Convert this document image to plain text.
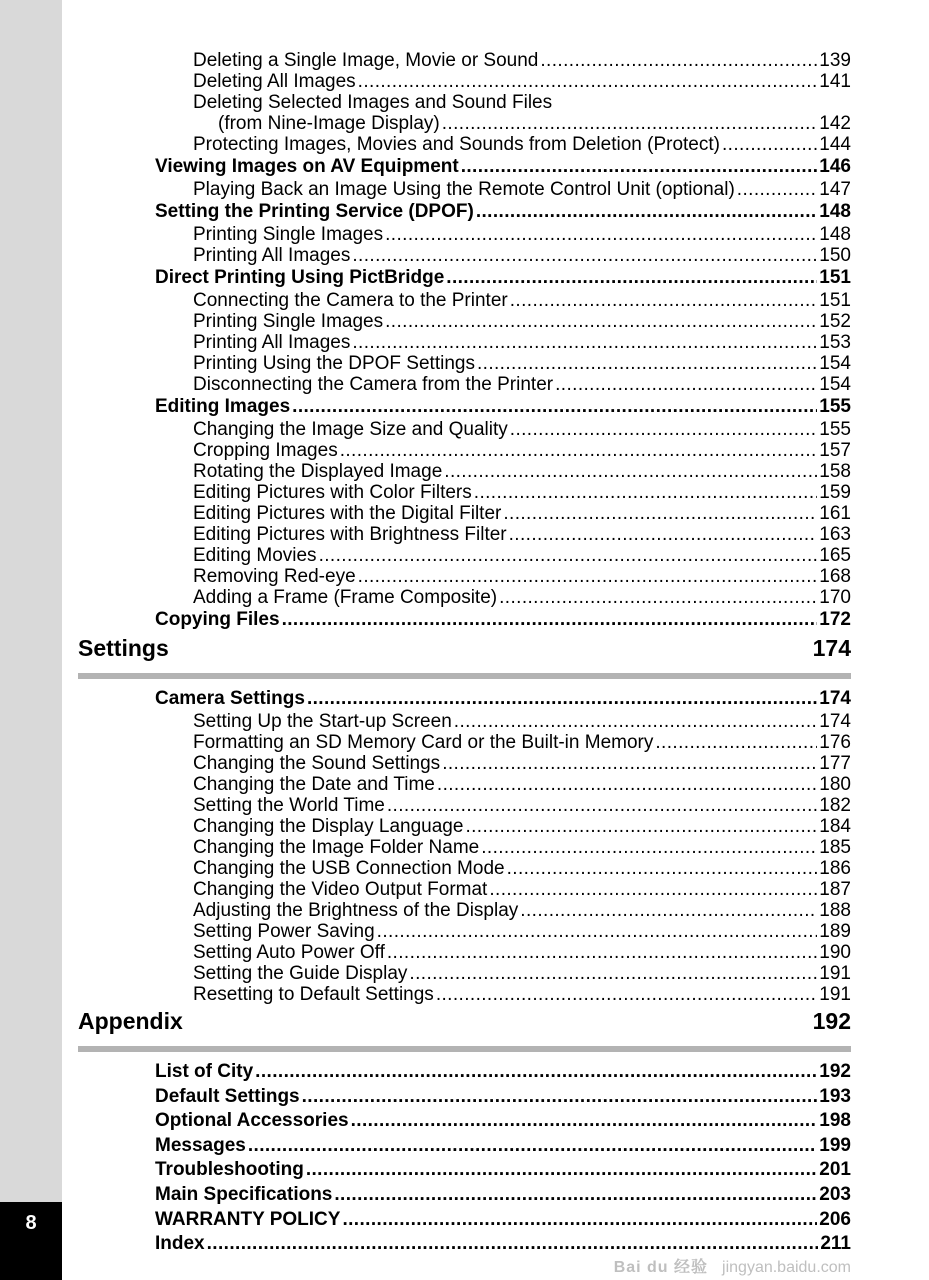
8
Deleting a Single Image, Movie or Sound .....	139
Deleting All Images .....	141
Deleting Selected Images and Sound Files
(from Nine-Image Display) .....	142
Protecting Images, Movies and Sounds from Deletion (Protect) .....	144
Viewing Images on AV Equipment .....	146
Playing Back an Image Using the Remote Control Unit (optional) .....	147
Setting the Printing Service (DPOF) .....	148
Printing Single Images .....	148
Printing All Images .....	150
Direct Printing Using PictBridge .....	151
Connecting the Camera to the Printer .....	151
Printing Single Images .....	152
Printing All Images .....	153
Printing Using the DPOF Settings .....	154
Disconnecting the Camera from the Printer .....	154
Editing Images .....	155
Changing the Image Size and Quality .....	155
Cropping Images .....	157
Rotating the Displayed Image .....	158
Editing Pictures with Color Filters .....	159
Editing Pictures with the Digital Filter .....	161
Editing Pictures with Brightness Filter .....	163
Editing Movies .....	165
Removing Red-eye .....	168
Adding a Frame (Frame Composite) .....	170
Copying Files .....	172
Settings	174
Camera Settings .....	174
Setting Up the Start-up Screen .....	174
Formatting an SD Memory Card or the Built-in Memory .....	176
Changing the Sound Settings .....	177
Changing the Date and Time .....	180
Setting the World Time .....	182
Changing the Display Language .....	184
Changing the Image Folder Name .....	185
Changing the USB Connection Mode .....	186
Changing the Video Output Format .....	187
Adjusting the Brightness of the Display .....	188
Setting Power Saving .....	189
Setting Auto Power Off .....	190
Setting the Guide Display .....	191
Resetting to Default Settings .....	191
Appendix	192
List of City .....	192
Default Settings .....	193
Optional Accessories .....	198
Messages .....	199
Troubleshooting .....	201
Main Specifications .....	203
WARRANTY POLICY .....	206
Index .....	211
Bai du 经验 jingyan.baidu.com
